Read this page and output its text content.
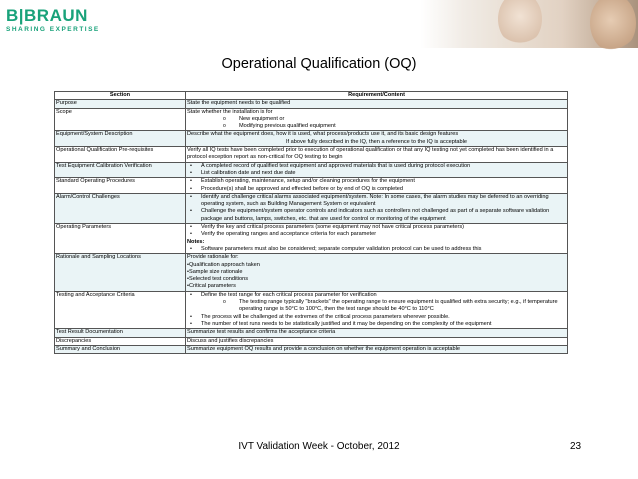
B|BRAUN
SHARING EXPERTISE
Operational Qualification (OQ)
Section	Requirement/Content
Purpose	State the equipment needs to be qualified

Scope	State whether the installation is for
o New equipment or
o Modifying previous qualified equipment

Equipment/System Description	Describe what the equipment does, how it is used, what process/products use it, and its basic design features
If above fully described in the IQ, then a reference to the IQ is acceptable

Operational Qualification Pre-requisites	Verify all IQ tests have been completed prior to execution of operational qualification or that any IQ testing not yet completed has been identified in a protocol exception report as non-critical for OQ testing to begin

Test Equipment Calibration Verification	• A completed record of qualified test equipment and approved materials that is used during protocol execution
• List calibration date and next due date

Standard Operating Procedures	• Establish operating, maintenance, setup and/or cleaning procedures for the equipment
• Procedure(s) shall be approved and effected before or by end of OQ is completed

Alarm/Control Challenges	• Identify and challenge critical alarms associated equipment/system. Note: In some cases, the alarm studies may be deferred to an overriding operating system, such as Building Management System or equivalent
• Challenge the equipment/system operator controls and indicators such as controllers not challenged as part of a separate software validation package and buttons, lamps, switches, etc. that are used for control or monitoring of the equipment

Operating Parameters	• Verify the key and critical process parameters (some equipment may not have critical process parameters)
• Verify the operating ranges and acceptance criteria for each parameter
Notes:
• Software parameters must also be considered; separate computer validation protocol can be used to address this

Rationale and Sampling Locations	Provide rationale for:
•Qualification approach taken
•Sample size rationale
•Selected test conditions
•Critical parameters

Testing and Acceptance Criteria	• Define the test range for each critical process parameter for verification
o The testing range typically "brackets" the operating range to ensure equipment is qualified with extra security; e.g., if temperature operating range is 50°C to 100°C, then the test range should be 40°C to 110°C
• The process will be challenged at the extremes of the critical process parameters wherever possible.
• The number of test runs needs to be statistically justified and it may be depending on the complexity of the equipment

Test Result Documentation	Summarize test results and confirms the acceptance criteria

Discrepancies	Discuss and justifies discrepancies

Summary and Conclusion	Summarize equipment OQ results and provide a conclusion on whether the equipment operation is acceptable
IVT Validation Week - October, 2012	23
